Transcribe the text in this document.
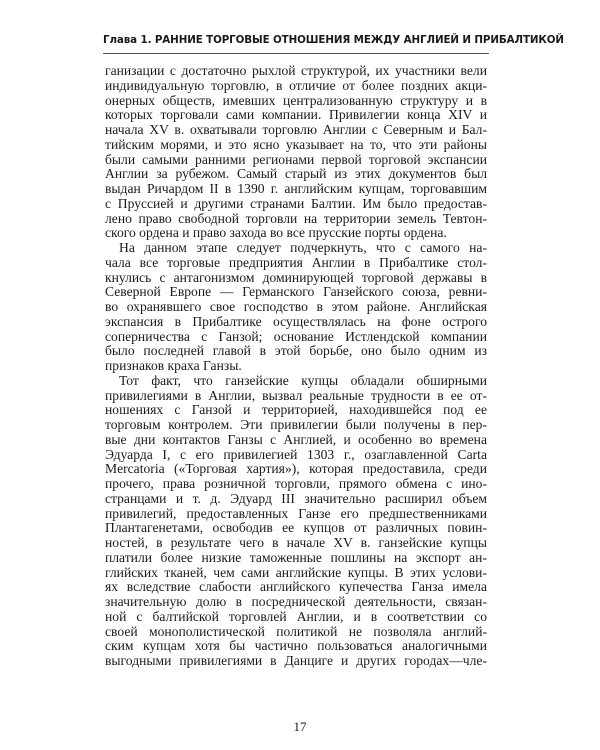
Глава 1. РАННИЕ ТОРГОВЫЕ ОТНОШЕНИЯ МЕЖДУ АНГЛИЕЙ И ПРИБАЛТИКОЙ
ганизации с достаточно рыхлой структурой, их участники вели
индивидуальную торговлю, в отличие от более поздних акци-
онерных обществ, имевших централизованную структуру и в
которых торговали сами компании. Привилегии конца XIV и
начала XV в. охватывали торговлю Англии с Северным и Бал-
тийским морями, и это ясно указывает на то, что эти районы
были самыми ранними регионами первой торговой экспансии
Англии за рубежом. Самый старый из этих документов был
выдан Ричардом II в 1390 г. английским купцам, торговавшим
с Пруссией и другими странами Балтии. Им было предостав-
лено право свободной торговли на территории земель Тевтон-
ского ордена и право захода во все прусские порты ордена.
На данном этапе следует подчеркнуть, что с самого на-
чала все торговые предприятия Англии в Прибалтике стол-
кнулись с антагонизмом доминирующей торговой державы в
Северной Европе — Германского Ганзейского союза, ревни-
во охранявшего свое господство в этом районе. Английская
экспансия в Прибалтике осуществлялась на фоне острого
соперничества с Ганзой; основание Истлендской компании
было последней главой в этой борьбе, оно было одним из
признаков краха Ганзы.
Тот факт, что ганзейские купцы обладали обширными
привилегиями в Англии, вызвал реальные трудности в ее от-
ношениях с Ганзой и территорией, находившейся под ее
торговым контролем. Эти привилегии были получены в пер-
вые дни контактов Ганзы с Англией, и особенно во времена
Эдуарда I, с его привилегией 1303 г., озаглавленной Carta
Mercatoria («Торговая хартия»), которая предоставила, среди
прочего, права розничной торговли, прямого обмена с ино-
странцами и т. д. Эдуард III значительно расширил объем
привилегий, предоставленных Ганзе его предшественниками
Плантагенетами, освободив ее купцов от различных повин-
ностей, в результате чего в начале XV в. ганзейские купцы
платили более низкие таможенные пошлины на экспорт ан-
глийских тканей, чем сами английские купцы. В этих услови-
ях вследствие слабости английского купечества Ганза имела
значительную долю в посреднической деятельности, связан-
ной с балтийской торговлей Англии, и в соответствии со
своей монополистической политикой не позволяла англий-
ским купцам хотя бы частично пользоваться аналогичными
выгодными привилегиями в Данциге и других городах—чле-
17
